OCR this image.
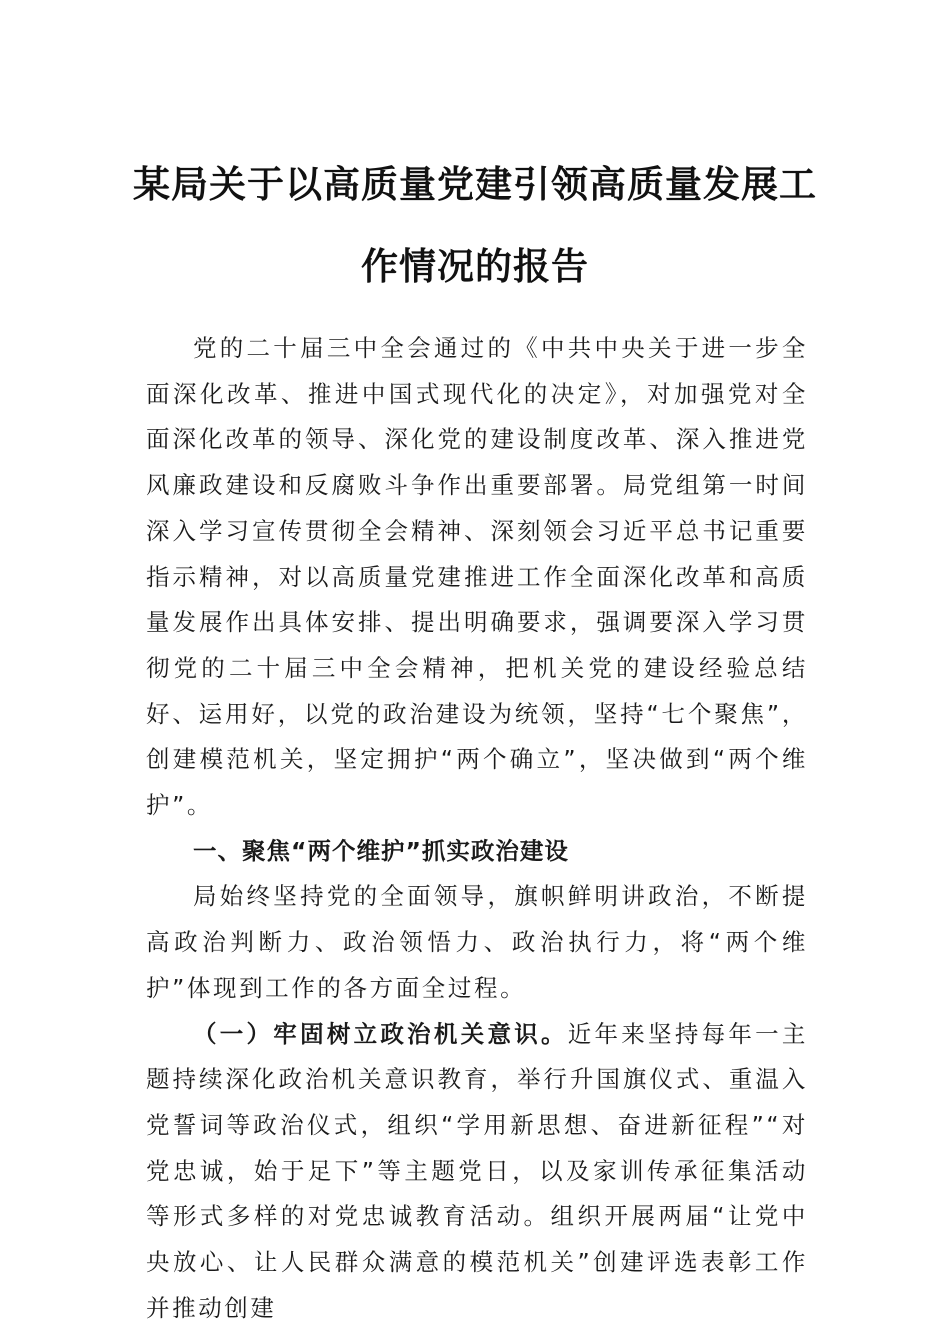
某局关于以高质量党建引领高质量发展工作情况的报告

党的二十届三中全会通过的《中共中央关于进一步全面深化改革、推进中国式现代化的决定》，对加强党对全面深化改革的领导、深化党的建设制度改革、深入推进党风廉政建设和反腐败斗争作出重要部署。局党组第一时间深入学习宣传贯彻全会精神、深刻领会习近平总书记重要指示精神，对以高质量党建推进工作全面深化改革和高质量发展作出具体安排、提出明确要求，强调要深入学习贯彻党的二十届三中全会精神，把机关党的建设经验总结好、运用好，以党的政治建设为统领，坚持“七个聚焦”，创建模范机关，坚定拥护“两个确立”，坚决做到“两个维护”。

一、聚焦“两个维护”抓实政治建设

局始终坚持党的全面领导，旗帜鲜明讲政治，不断提高政治判断力、政治领悟力、政治执行力，将“两个维护”体现到工作的各方面全过程。

（一）牢固树立政治机关意识。近年来坚持每年一主题持续深化政治机关意识教育，举行升国旗仪式、重温入党誓词等政治仪式，组织“学用新思想、奋进新征程”“对党忠诚，始于足下”等主题党日，以及家训传承征集活动等形式多样的对党忠诚教育活动。组织开展两届“让党中央放心、让人民群众满意的模范机关”创建评选表彰工作并推动创建
